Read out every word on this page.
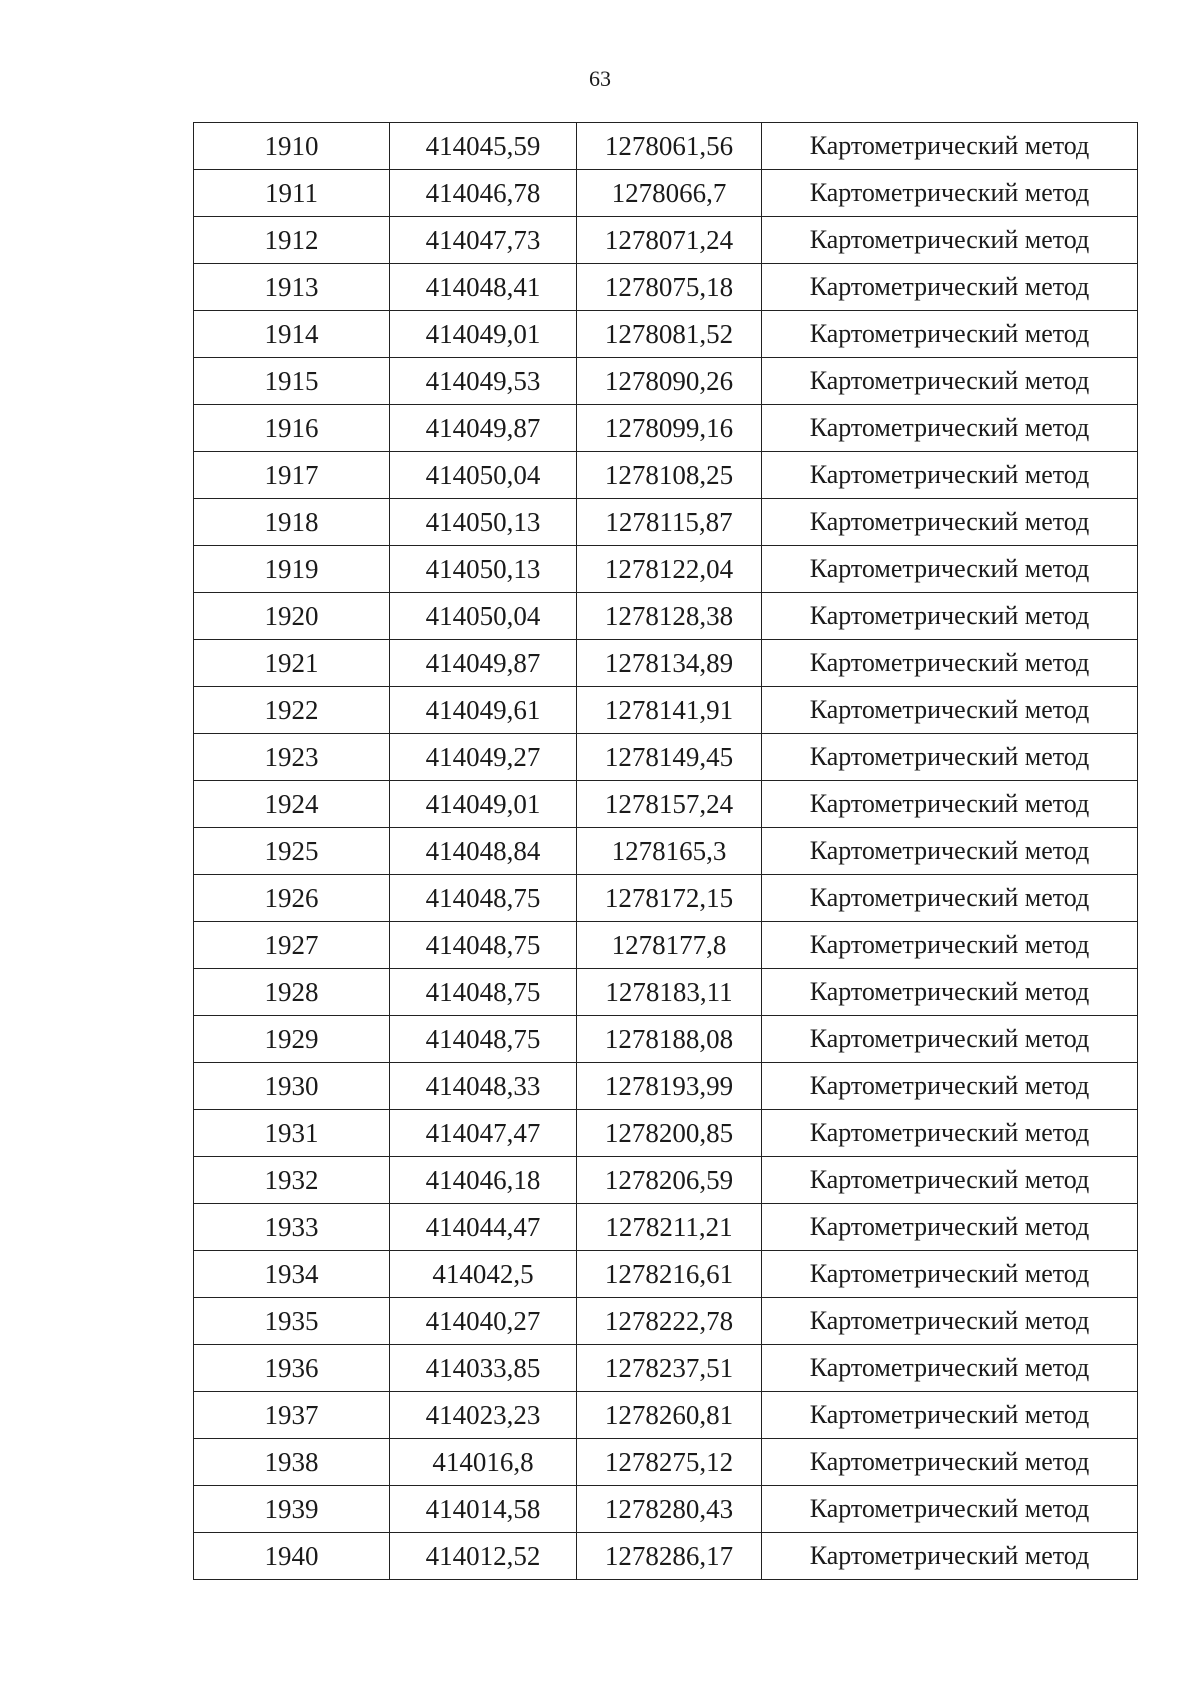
63
1910	414045,59	1278061,56	Картометрический метод
1911	414046,78	1278066,7	Картометрический метод
1912	414047,73	1278071,24	Картометрический метод
1913	414048,41	1278075,18	Картометрический метод
1914	414049,01	1278081,52	Картометрический метод
1915	414049,53	1278090,26	Картометрический метод
1916	414049,87	1278099,16	Картометрический метод
1917	414050,04	1278108,25	Картометрический метод
1918	414050,13	1278115,87	Картометрический метод
1919	414050,13	1278122,04	Картометрический метод
1920	414050,04	1278128,38	Картометрический метод
1921	414049,87	1278134,89	Картометрический метод
1922	414049,61	1278141,91	Картометрический метод
1923	414049,27	1278149,45	Картометрический метод
1924	414049,01	1278157,24	Картометрический метод
1925	414048,84	1278165,3	Картометрический метод
1926	414048,75	1278172,15	Картометрический метод
1927	414048,75	1278177,8	Картометрический метод
1928	414048,75	1278183,11	Картометрический метод
1929	414048,75	1278188,08	Картометрический метод
1930	414048,33	1278193,99	Картометрический метод
1931	414047,47	1278200,85	Картометрический метод
1932	414046,18	1278206,59	Картометрический метод
1933	414044,47	1278211,21	Картометрический метод
1934	414042,5	1278216,61	Картометрический метод
1935	414040,27	1278222,78	Картометрический метод
1936	414033,85	1278237,51	Картометрический метод
1937	414023,23	1278260,81	Картометрический метод
1938	414016,8	1278275,12	Картометрический метод
1939	414014,58	1278280,43	Картометрический метод
1940	414012,52	1278286,17	Картометрический метод
